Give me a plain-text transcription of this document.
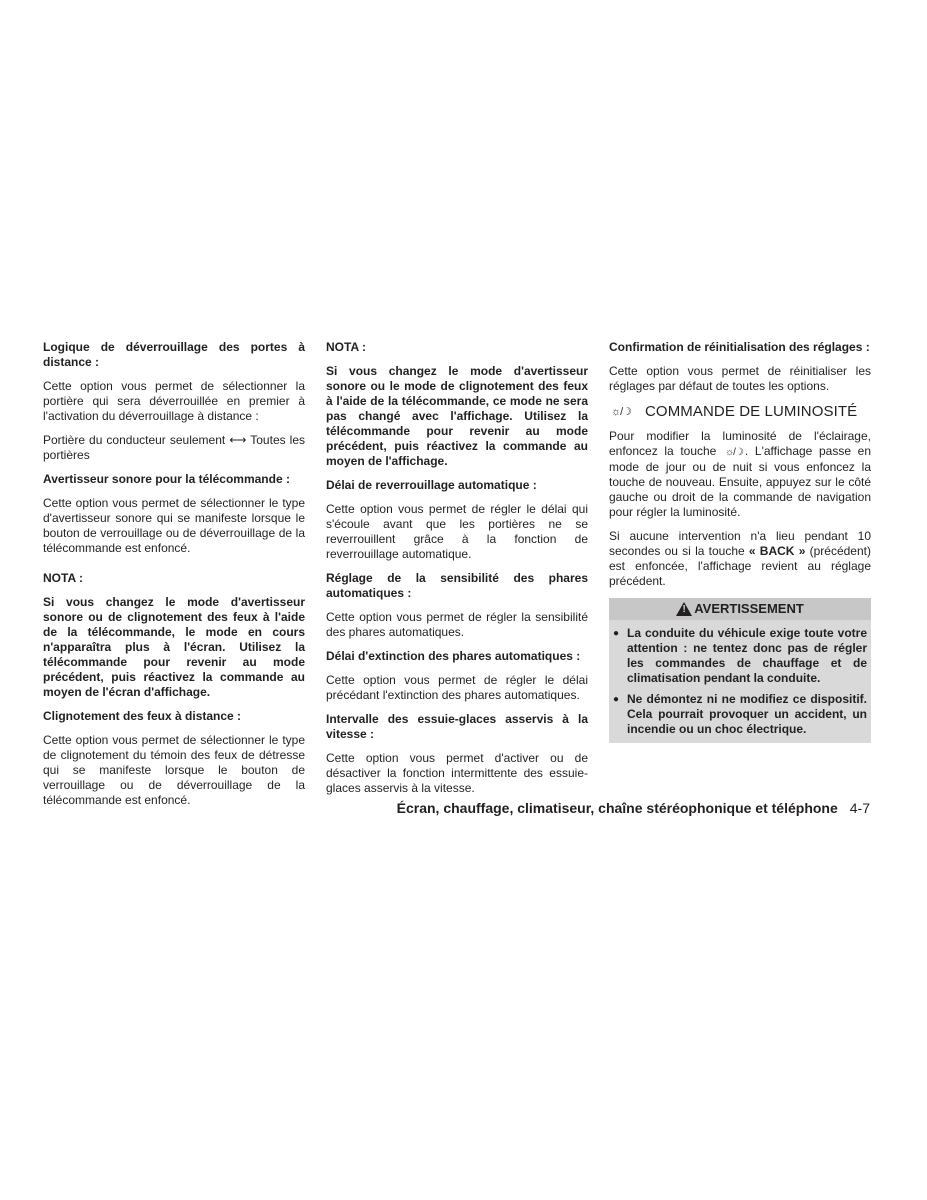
Logique de déverrouillage des portes à distance :
Cette option vous permet de sélectionner la portière qui sera déverrouillée en premier à l'activation du déverrouillage à distance :
Portière du conducteur seulement ⟷ Toutes les portières
Avertisseur sonore pour la télécommande :
Cette option vous permet de sélectionner le type d'avertisseur sonore qui se manifeste lorsque le bouton de verrouillage ou de déverrouillage de la télécommande est enfoncé.
NOTA :
Si vous changez le mode d'avertisseur sonore ou de clignotement des feux à l'aide de la télécommande, le mode en cours n'apparaîtra plus à l'écran. Utilisez la télécommande pour revenir au mode précédent, puis réactivez la commande au moyen de l'écran d'affichage.
Clignotement des feux à distance :
Cette option vous permet de sélectionner le type de clignotement du témoin des feux de détresse qui se manifeste lorsque le bouton de verrouillage ou de déverrouillage de la télécommande est enfoncé.
NOTA :
Si vous changez le mode d'avertisseur sonore ou le mode de clignotement des feux à l'aide de la télécommande, ce mode ne sera pas changé avec l'affichage. Utilisez la télécommande pour revenir au mode précédent, puis réactivez la commande au moyen de l'affichage.
Délai de reverrouillage automatique :
Cette option vous permet de régler le délai qui s'écoule avant que les portières ne se reverrouillent grâce à la fonction de reverrouillage automatique.
Réglage de la sensibilité des phares automatiques :
Cette option vous permet de régler la sensibilité des phares automatiques.
Délai d'extinction des phares automatiques :
Cette option vous permet de régler le délai précédant l'extinction des phares automatiques.
Intervalle des essuie-glaces asservis à la vitesse :
Cette option vous permet d'activer ou de désactiver la fonction intermittente des essuie-glaces asservis à la vitesse.
Confirmation de réinitialisation des réglages :
Cette option vous permet de réinitialiser les réglages par défaut de toutes les options.
☼/☽ COMMANDE DE LUMINOSITÉ
Pour modifier la luminosité de l'éclairage, enfoncez la touche ☼/☽ . L'affichage passe en mode de jour ou de nuit si vous enfoncez la touche de nouveau. Ensuite, appuyez sur le côté gauche ou droit de la commande de navigation pour régler la luminosité.
Si aucune intervention n'a lieu pendant 10 secondes ou si la touche « BACK » (précédent) est enfoncée, l'affichage revient au réglage précédent.
! AVERTISSEMENT
● La conduite du véhicule exige toute votre attention : ne tentez donc pas de régler les commandes de chauffage et de climatisation pendant la conduite.
● Ne démontez ni ne modifiez ce dispositif. Cela pourrait provoquer un accident, un incendie ou un choc électrique.
Écran, chauffage, climatiseur, chaîne stéréophonique et téléphone 4-7
